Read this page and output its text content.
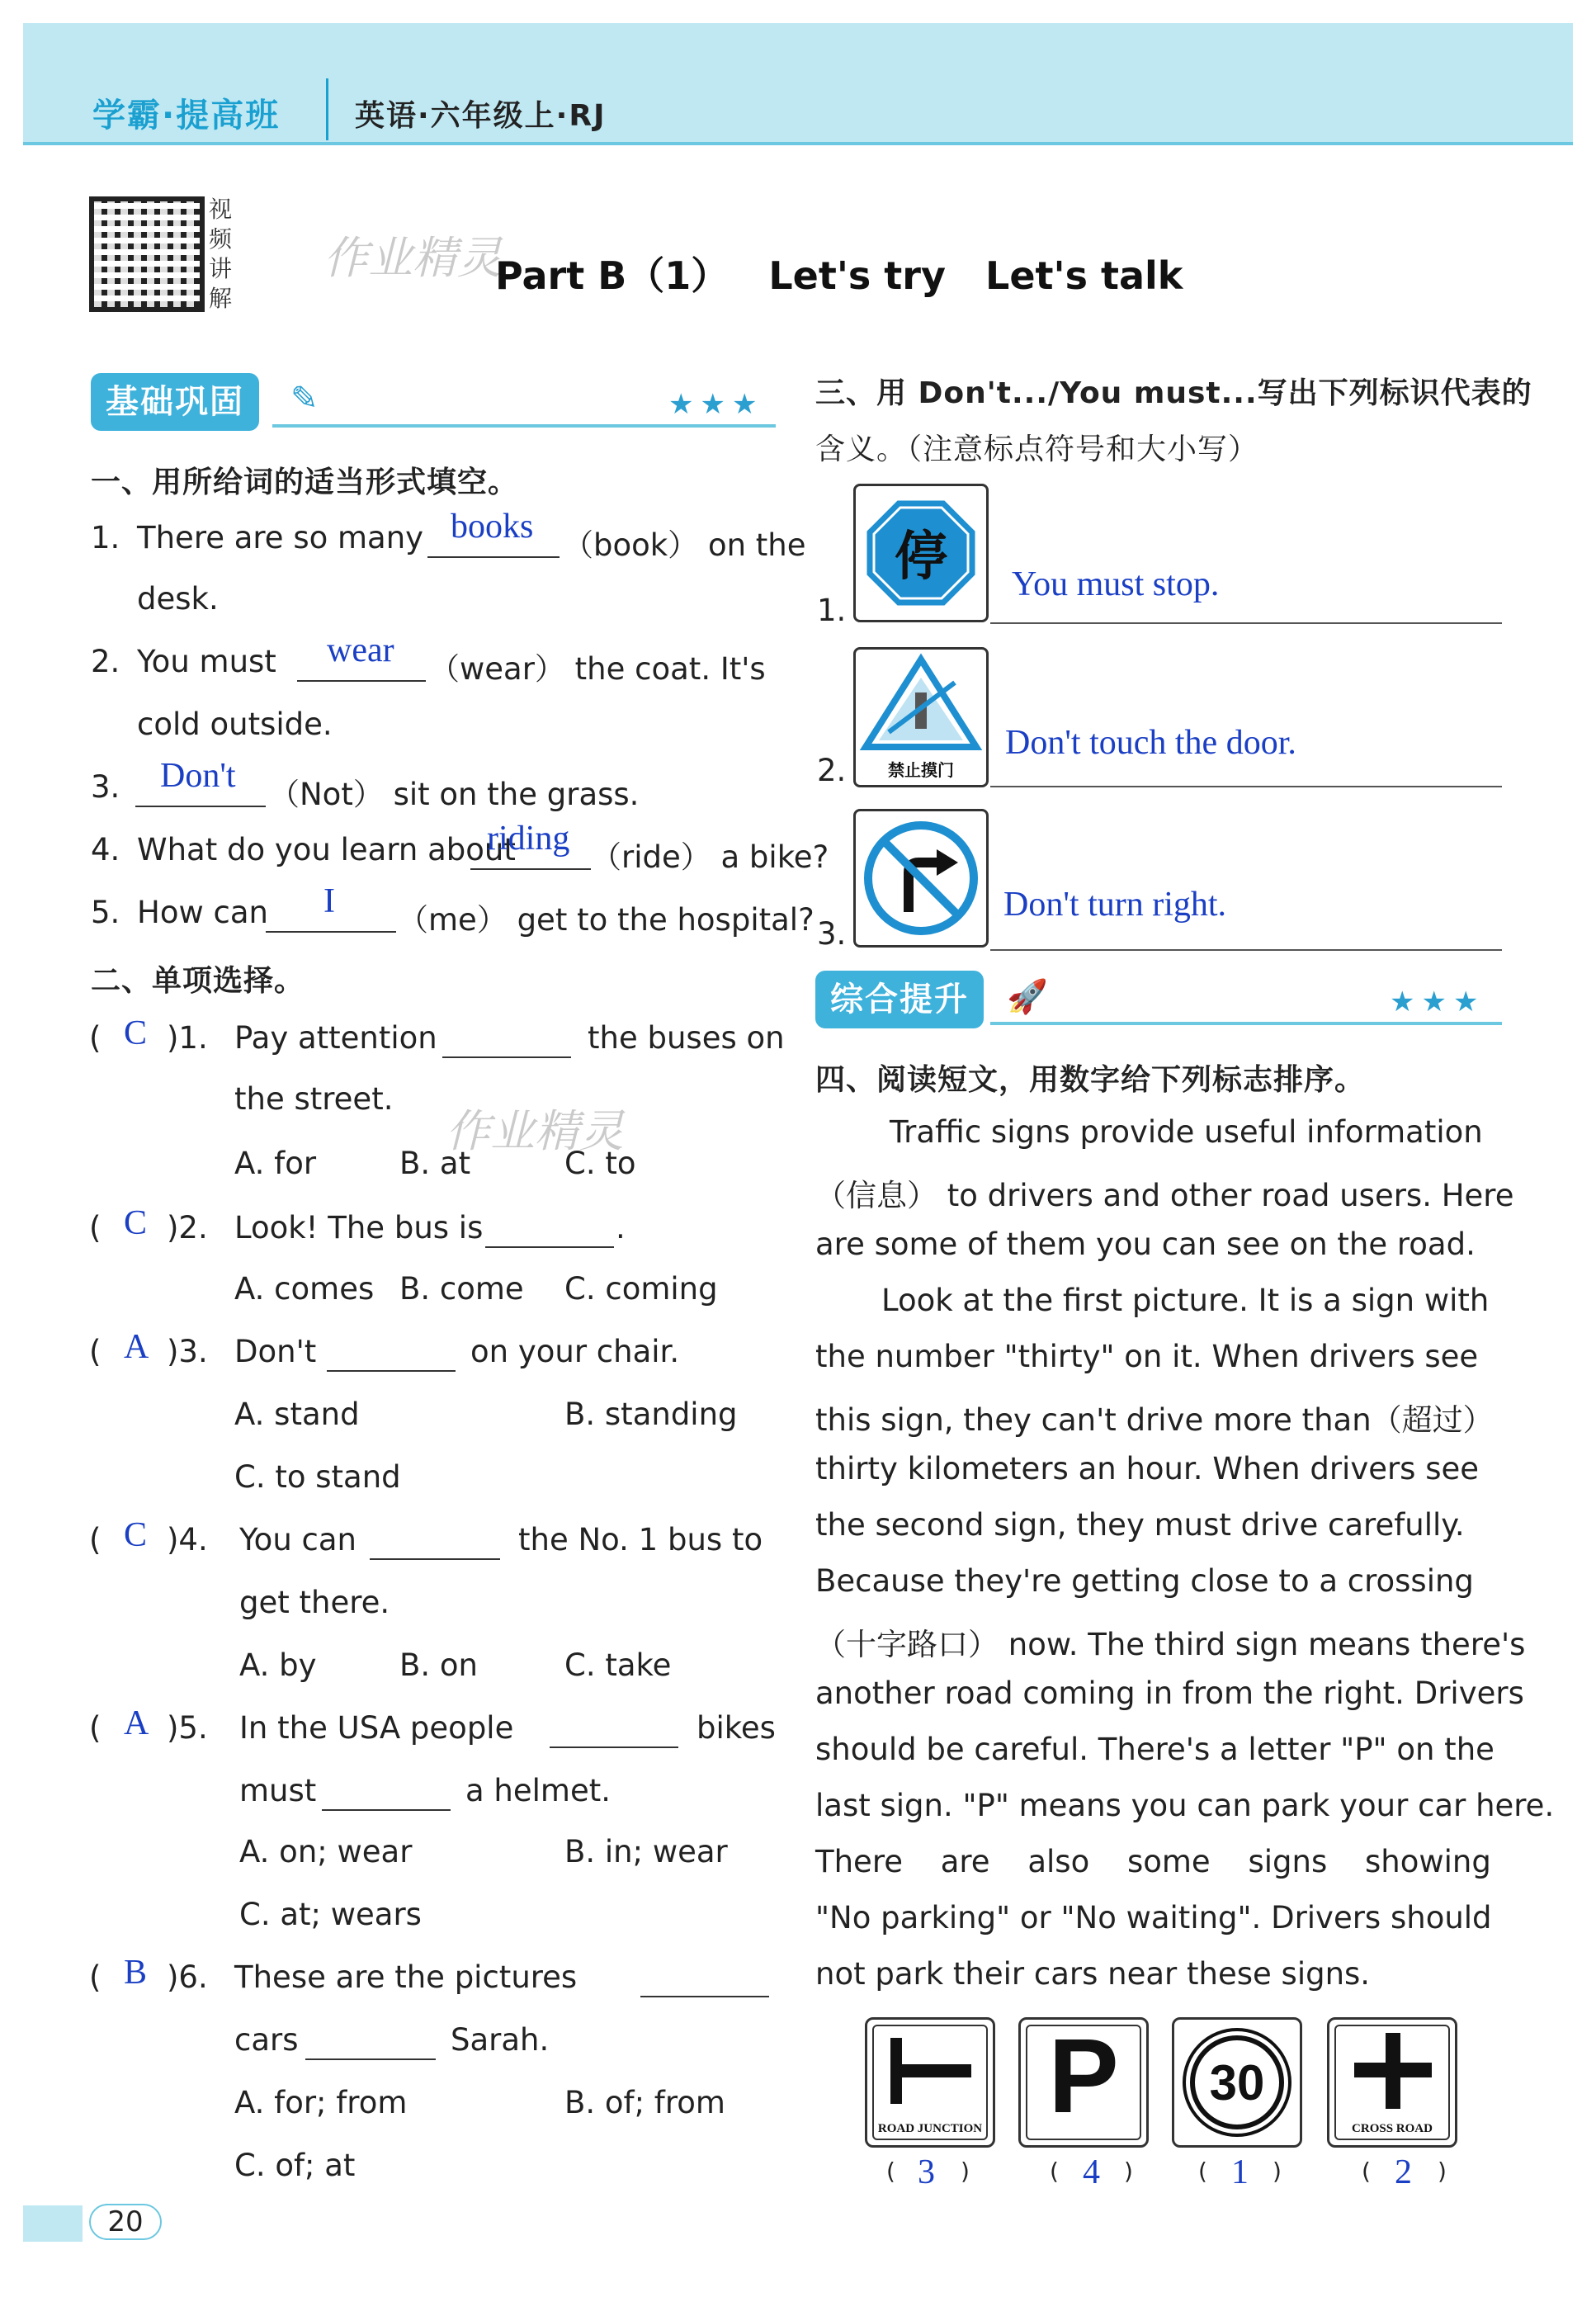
学霸·提高班	英语·六年级上·RJ
视频讲解
作业精灵
Part B（1）   Let's try   Let's talk
基础巩固	✎	★★★
一、用所给词的适当形式填空。
1. There are so many books （book） on the
desk.
2. You must wear （wear） the coat. It's
cold outside.
3. Don't （Not） sit on the grass.
4. What do you learn about
riding （ride） a bike?
5. How can I （me） get to the hospital?
二、单项选择。
( C )1. Pay attention	the buses on
the street.
作业精灵
A. for	B. at	C. to
( C )2. Look! The bus is	.
A. comes B. come C. coming
( A )3. Don't	on your chair.
A. stand	B. standing
C. to stand
( C )4. You can	the No. 1 bus to
get there.
A. by	B. on	C. take
( A )5. In the USA people	bikes
must	a helmet.
A. on; wear	B. in; wear
C. at; wears
( B )6. These are the pictures
cars	Sarah.
A. for; from	B. of; from
C. of; at
三、用 Don't.../You must...写出下列标识代表的
含义。（注意标点符号和大小写）
1.
停	You must stop.
2.	禁止摸门
Don't touch the door.
3.
Don't turn right.
综合提升	🚀	★★★
四、阅读短文，用数字给下列标志排序。
Traffic signs provide useful information
（信息） to drivers and other road users. Here
are some of them you can see on the road.
Look at the first picture. It is a sign with
the number "thirty" on it. When drivers see
this sign, they can't drive more than（超过）
thirty kilometers an hour. When drivers see
the second sign, they must drive carefully.
Because they're getting close to a crossing
（十字路口） now. The third sign means there's
another road coming in from the right. Drivers
should be careful. There's a letter "P" on the
last sign. "P" means you can park your car here.
There are also some signs showing
"No parking" or "No waiting". Drivers should
not park their cars near these signs.
ROAD JUNCTION P	30
CROSS ROAD
( 3 )	( 4 )	( 1 )	( 2 )
20
